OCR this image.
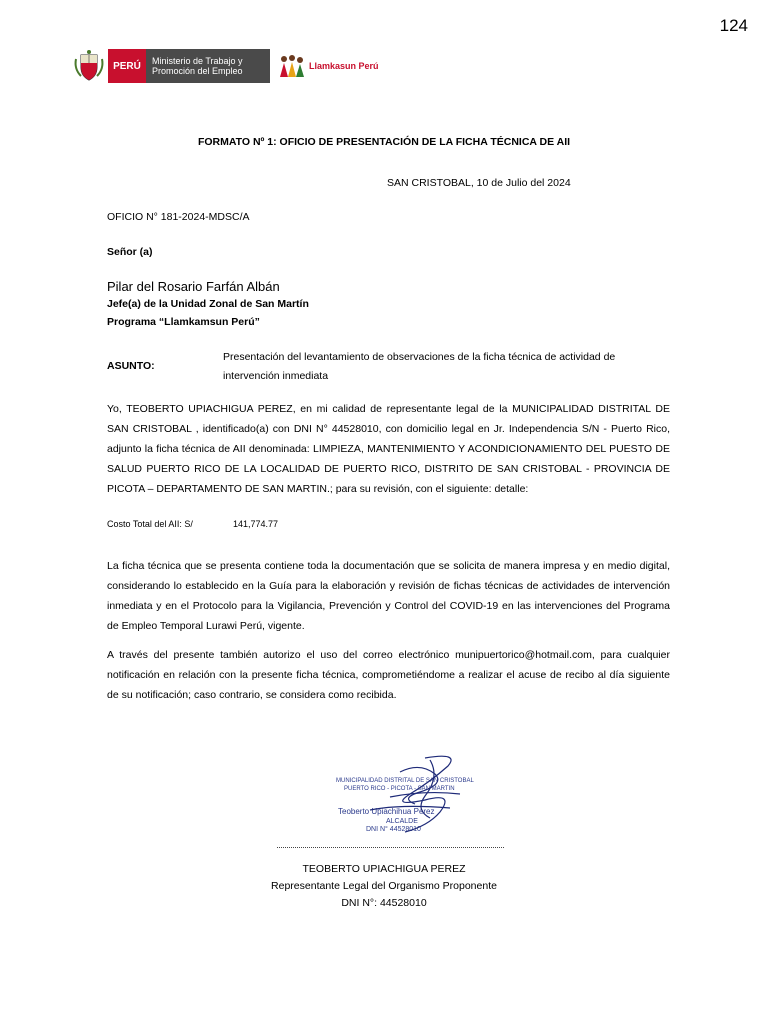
124
PERÚ	Ministerio de Trabajo y Promoción del Empleo	Llamkasun Perú
FORMATO Nº 1: OFICIO DE PRESENTACIÓN DE LA FICHA TÉCNICA DE AII
SAN CRISTOBAL, 10 de Julio del 2024
OFICIO N° 181-2024-MDSC/A
Señor (a)
Pilar del Rosario Farfán Albán
Jefe(a) de la Unidad Zonal de San Martín
Programa “Llamkamsun Perú”
ASUNTO:
Presentación del levantamiento de observaciones de la ficha técnica de actividad de intervención inmediata
Yo, TEOBERTO UPIACHIGUA PEREZ, en mi calidad de representante legal de la MUNICIPALIDAD DISTRITAL DE SAN CRISTOBAL , identificado(a) con DNI N° 44528010, con domicilio legal en Jr. Independencia S/N - Puerto Rico, adjunto la ficha técnica de AII denominada: LIMPIEZA, MANTENIMIENTO Y ACONDICIONAMIENTO DEL PUESTO DE SALUD PUERTO RICO DE LA LOCALIDAD DE PUERTO RICO, DISTRITO DE SAN CRISTOBAL - PROVINCIA DE PICOTA – DEPARTAMENTO DE SAN MARTIN.; para su revisión, con el siguiente: detalle:
Costo Total del AII: S/	141,774.77
La ficha técnica que se presenta contiene toda la documentación que se solicita de manera impresa y en medio digital, considerando lo establecido en la Guía para la elaboración y revisión de fichas técnicas de actividades de intervención inmediata y en el Protocolo para la Vigilancia, Prevención y Control del COVID-19 en las intervenciones del Programa de Empleo Temporal Lurawi Perú, vigente.
A través del presente también autorizo el uso del correo electrónico munipuertorico@hotmail.com, para cualquier notificación en relación con la presente ficha técnica, comprometiéndome a realizar el acuse de recibo al día siguiente de su notificación; caso contrario, se considera como recibida.
MUNICIPALIDAD DISTRITAL DE SAN CRISTOBAL
PUERTO RICO - PICOTA - SAN MARTIN
Teoberto Upiachihua Perez
ALCALDE
DNI N° 44528010
TEOBERTO UPIACHIGUA PEREZ
Representante Legal del Organismo Proponente
DNI N°: 44528010
